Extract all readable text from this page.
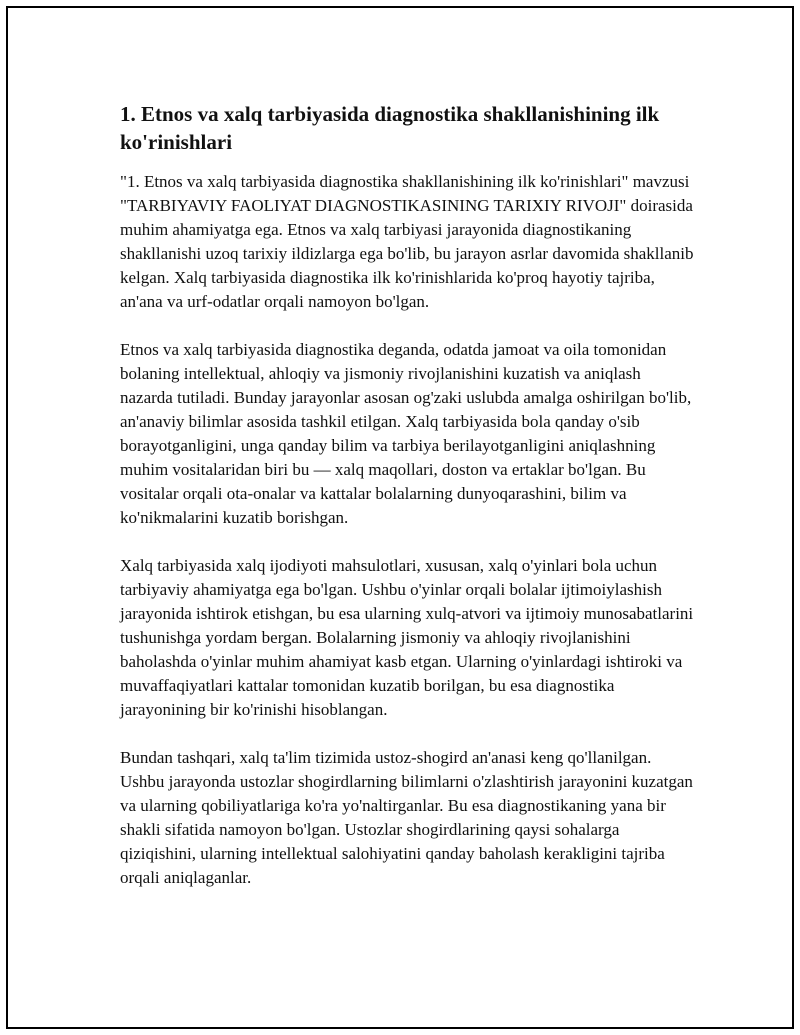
1. Etnos va xalq tarbiyasida diagnostika shakllanishining ilk ko'rinishlari

"1. Etnos va xalq tarbiyasida diagnostika shakllanishining ilk ko'rinishlari" mavzusi "TARBIYAVIY FAOLIYAT DIAGNOSTIKASINING TARIXIY RIVOJI" doirasida muhim ahamiyatga ega. Etnos va xalq tarbiyasi jarayonida diagnostikaning shakllanishi uzoq tarixiy ildizlarga ega bo'lib, bu jarayon asrlar davomida shakllanib kelgan. Xalq tarbiyasida diagnostika ilk ko'rinishlarida ko'proq hayotiy tajriba, an'ana va urf-odatlar orqali namoyon bo'lgan.

Etnos va xalq tarbiyasida diagnostika deganda, odatda jamoat va oila tomonidan bolaning intellektual, ahloqiy va jismoniy rivojlanishini kuzatish va aniqlash nazarda tutiladi. Bunday jarayonlar asosan og'zaki uslubda amalga oshirilgan bo'lib, an'anaviy bilimlar asosida tashkil etilgan. Xalq tarbiyasida bola qanday o'sib borayotganligini, unga qanday bilim va tarbiya berilayotganligini aniqlashning muhim vositalaridan biri bu — xalq maqollari, doston va ertaklar bo'lgan. Bu vositalar orqali ota-onalar va kattalar bolalarning dunyoqarashini, bilim va ko'nikmalarini kuzatib borishgan.

Xalq tarbiyasida xalq ijodiyoti mahsulotlari, xususan, xalq o'yinlari bola uchun tarbiyaviy ahamiyatga ega bo'lgan. Ushbu o'yinlar orqali bolalar ijtimoiylashish jarayonida ishtirok etishgan, bu esa ularning xulq-atvori va ijtimoiy munosabatlarini tushunishga yordam bergan. Bolalarning jismoniy va ahloqiy rivojlanishini baholashda o'yinlar muhim ahamiyat kasb etgan. Ularning o'yinlardagi ishtiroki va muvaffaqiyatlari kattalar tomonidan kuzatib borilgan, bu esa diagnostika jarayonining bir ko'rinishi hisoblangan.

Bundan tashqari, xalq ta'lim tizimida ustoz-shogird an'anasi keng qo'llanilgan. Ushbu jarayonda ustozlar shogirdlarning bilimlarni o'zlashtirish jarayonini kuzatgan va ularning qobiliyatlariga ko'ra yo'naltirganlar. Bu esa diagnostikaning yana bir shakli sifatida namoyon bo'lgan. Ustozlar shogirdlarining qaysi sohalarga qiziqishini, ularning intellektual salohiyatini qanday baholash kerakligini tajriba orqali aniqlaganlar.
